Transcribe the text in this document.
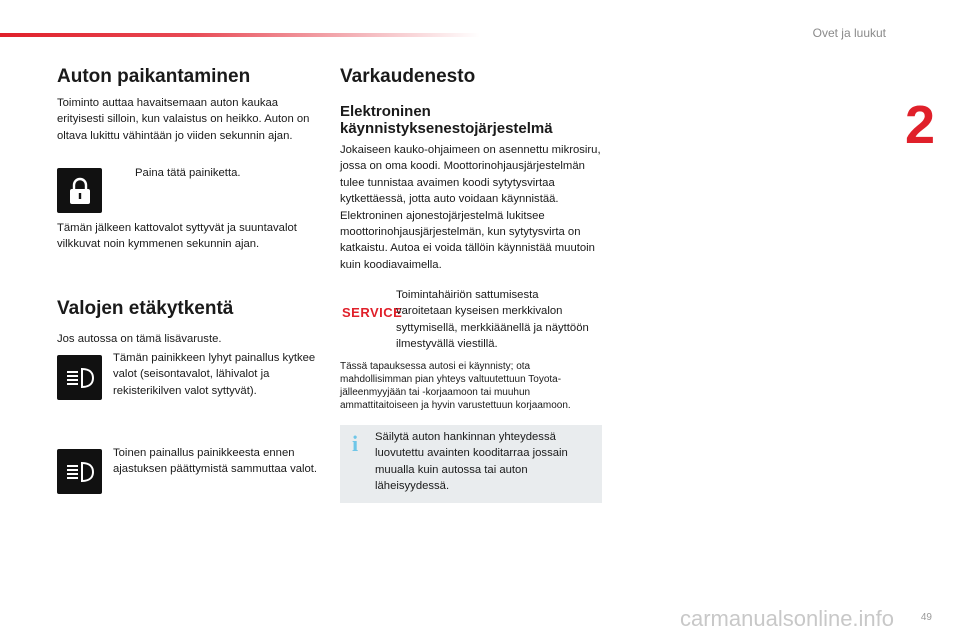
Ovet ja luukut
2
Auton paikantaminen

Toiminto auttaa havaitsemaan auton kaukaa erityisesti silloin, kun valaistus on heikko. Auton on oltava lukittu vähintään jo viiden sekunnin ajan.

Paina tätä painiketta.

Tämän jälkeen kattovalot syttyvät ja suuntavalot vilkkuvat noin kymmenen sekunnin ajan.

Valojen etäkytkentä

Jos autossa on tämä lisävaruste.

Tämän painikkeen lyhyt painallus kytkee valot (seisontavalot, lähivalot ja rekisterikilven valot syttyvät).

Toinen painallus painikkeesta ennen ajastuksen päättymistä sammuttaa valot.

Varkaudenesto
Elektroninen käynnistyksenestojärjestelmä

Jokaiseen kauko-ohjaimeen on asennettu mikrosiru, jossa on oma koodi. Moottorinohjausjärjestelmän tulee tunnistaa avaimen koodi sytytysvirtaa kytkettäessä, jotta auto voidaan käynnistää. Elektroninen ajonestojärjestelmä lukitsee moottorinohjausjärjestelmän, kun sytytysvirta on katkaistu. Autoa ei voida tällöin käynnistää muutoin kuin koodiavaimella.

SERVICE

Toimintahäiriön sattumisesta varoitetaan kyseisen merkkivalon syttymisellä, merkkiäänellä ja näyttöön ilmestyvällä viestillä.

Tässä tapauksessa autosi ei käynnisty; ota mahdollisimman pian yhteys valtuutettuun Toyota-jälleenmyyjään tai -korjaamoon tai muuhun ammattitaitoiseen ja hyvin varustettuun korjaamoon.

i Säilytä auton hankinnan yhteydessä luovutettu avainten kooditarraa jossain muualla kuin autossa tai auton läheisyydessä.

carmanualsonline.info	49
